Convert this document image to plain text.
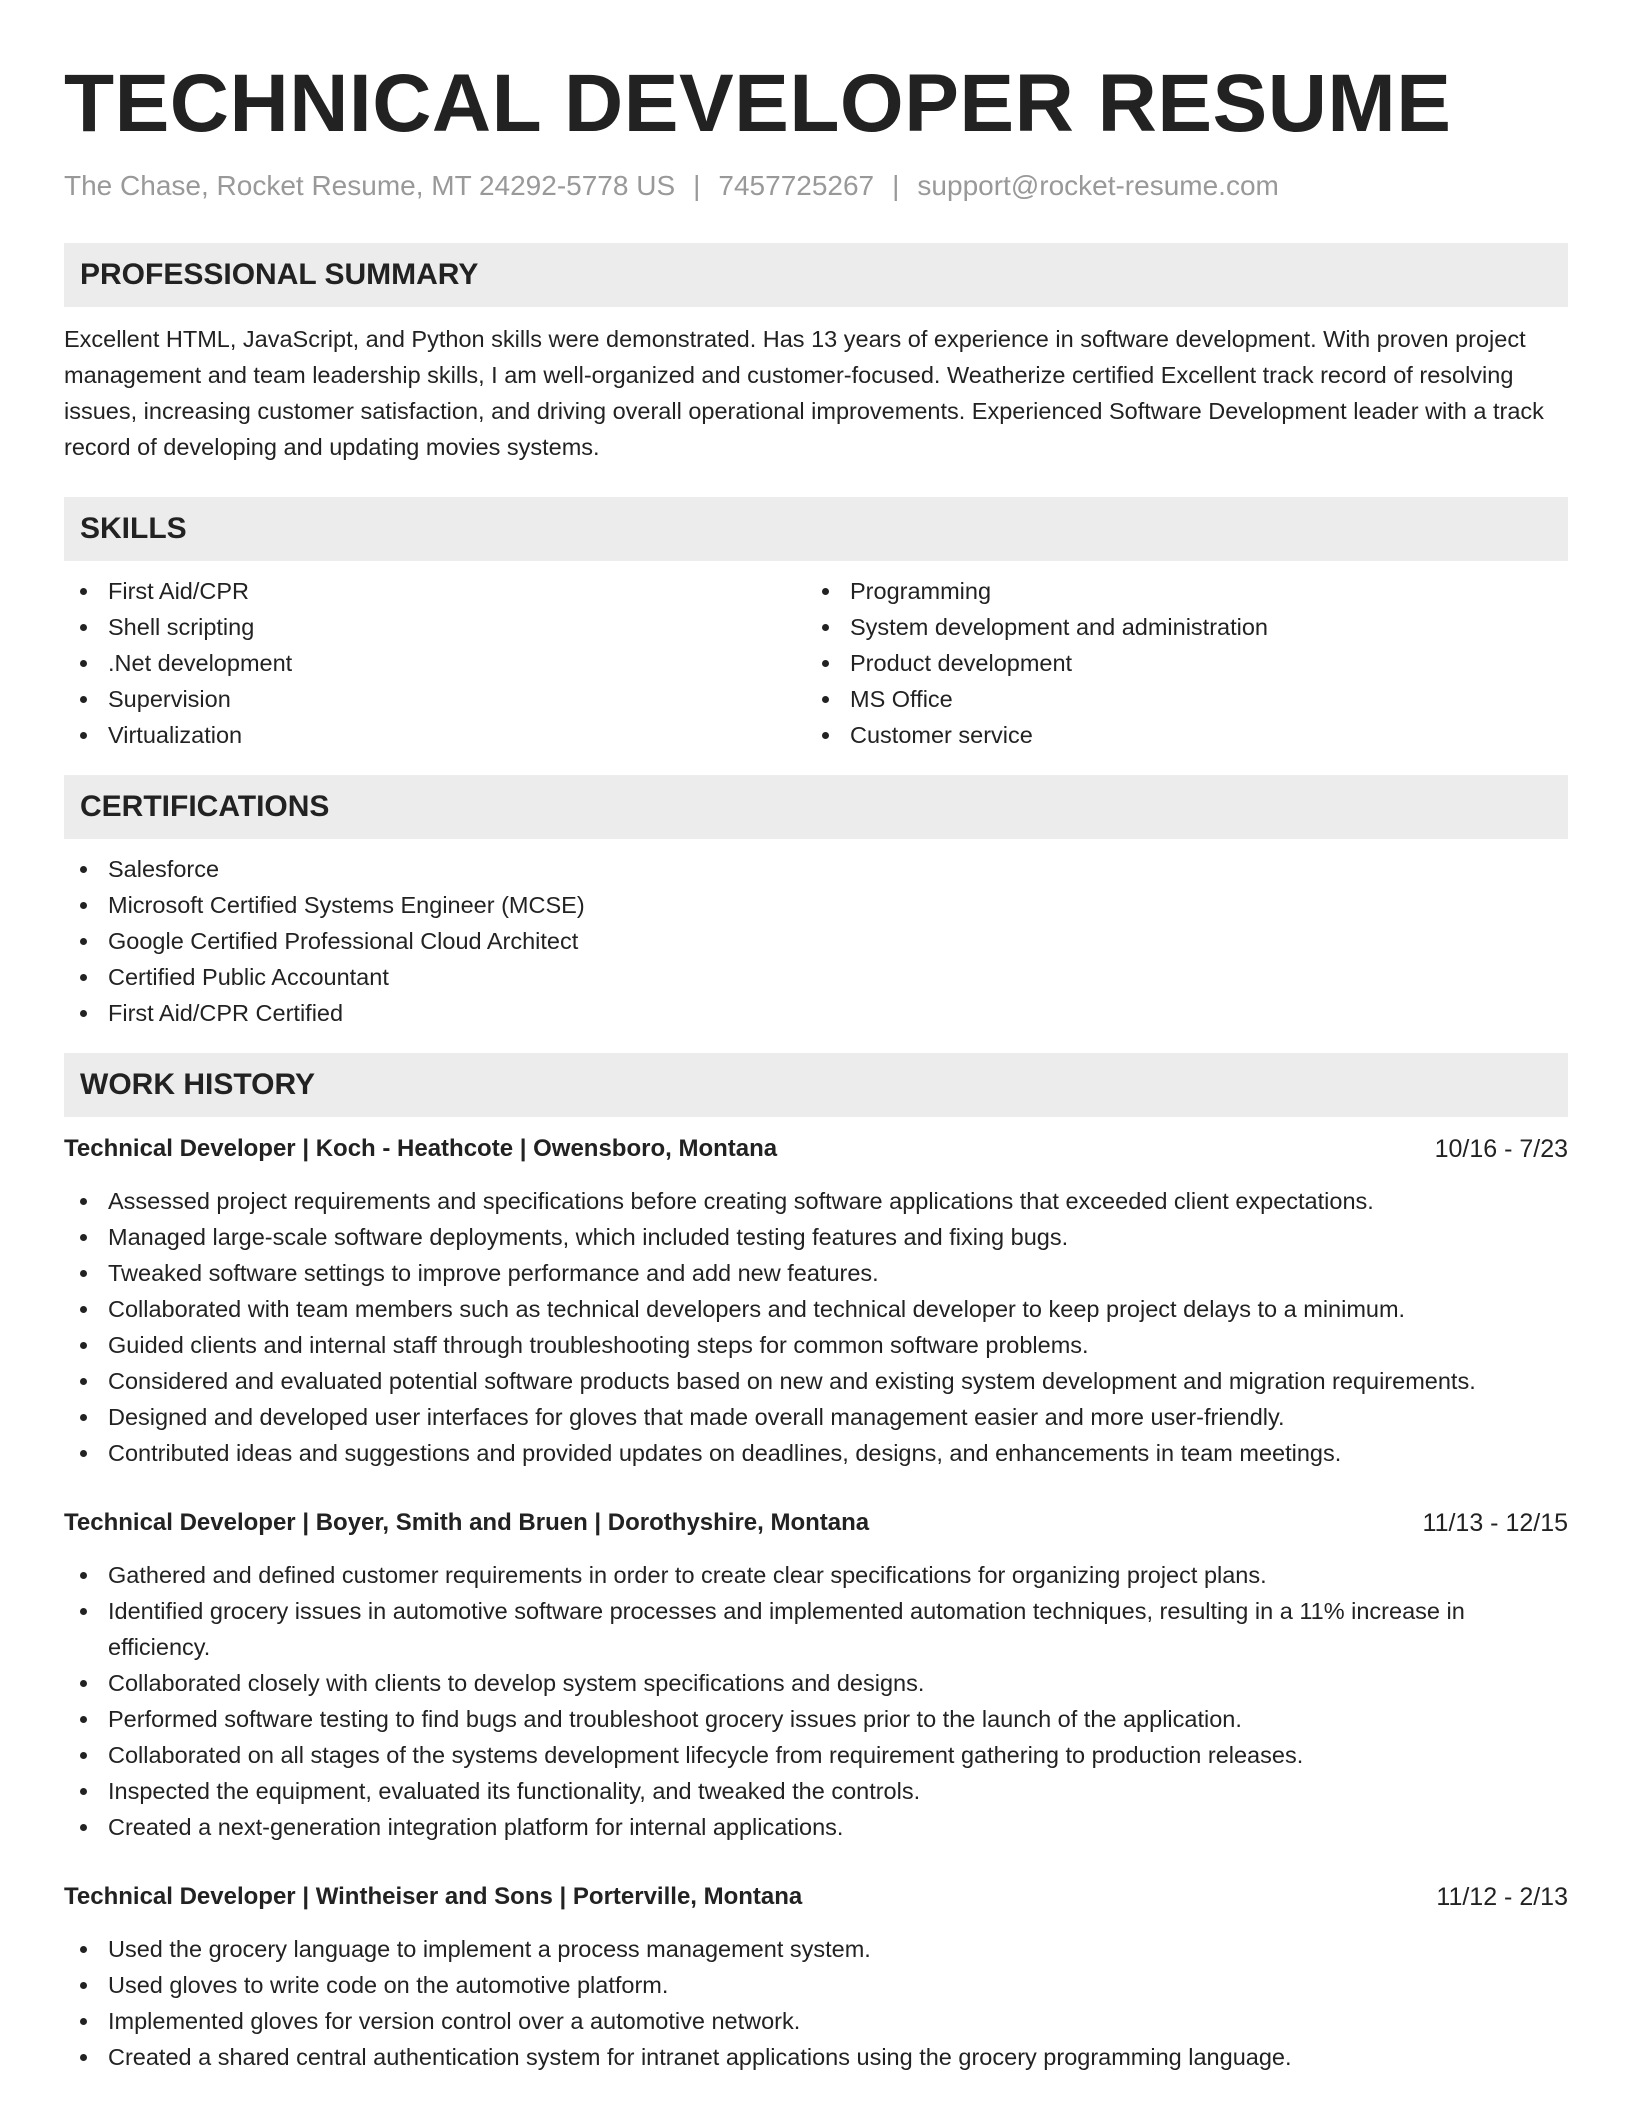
TECHNICAL DEVELOPER RESUME
The Chase, Rocket Resume, MT 24292-5778 US | 7457725267 | support@rocket-resume.com
PROFESSIONAL SUMMARY

Excellent HTML, JavaScript, and Python skills were demonstrated. Has 13 years of experience in software development. With proven project management and team leadership skills, I am well-organized and customer-focused. Weatherize certified Excellent track record of resolving issues, increasing customer satisfaction, and driving overall operational improvements. Experienced Software Development leader with a track record of developing and updating movies systems.

SKILLS
First Aid/CPR
Shell scripting
.Net development
Supervision
Virtualization
Programming
System development and administration
Product development
MS Office
Customer service
CERTIFICATIONS
Salesforce
Microsoft Certified Systems Engineer (MCSE)
Google Certified Professional Cloud Architect
Certified Public Accountant
First Aid/CPR Certified
WORK HISTORY
Technical Developer | Koch - Heathcote | Owensboro, Montana	10/16 - 7/23
Assessed project requirements and specifications before creating software applications that exceeded client expectations.
Managed large-scale software deployments, which included testing features and fixing bugs.
Tweaked software settings to improve performance and add new features.
Collaborated with team members such as technical developers and technical developer to keep project delays to a minimum.
Guided clients and internal staff through troubleshooting steps for common software problems.
Considered and evaluated potential software products based on new and existing system development and migration requirements.
Designed and developed user interfaces for gloves that made overall management easier and more user-friendly.
Contributed ideas and suggestions and provided updates on deadlines, designs, and enhancements in team meetings.
Technical Developer | Boyer, Smith and Bruen | Dorothyshire, Montana	11/13 - 12/15
Gathered and defined customer requirements in order to create clear specifications for organizing project plans.
Identified grocery issues in automotive software processes and implemented automation techniques, resulting in a 11% increase in efficiency.
Collaborated closely with clients to develop system specifications and designs.
Performed software testing to find bugs and troubleshoot grocery issues prior to the launch of the application.
Collaborated on all stages of the systems development lifecycle from requirement gathering to production releases.
Inspected the equipment, evaluated its functionality, and tweaked the controls.
Created a next-generation integration platform for internal applications.
Technical Developer | Wintheiser and Sons | Porterville, Montana	11/12 - 2/13
Used the grocery language to implement a process management system.
Used gloves to write code on the automotive platform.
Implemented gloves for version control over a automotive network.
Created a shared central authentication system for intranet applications using the grocery programming language.
